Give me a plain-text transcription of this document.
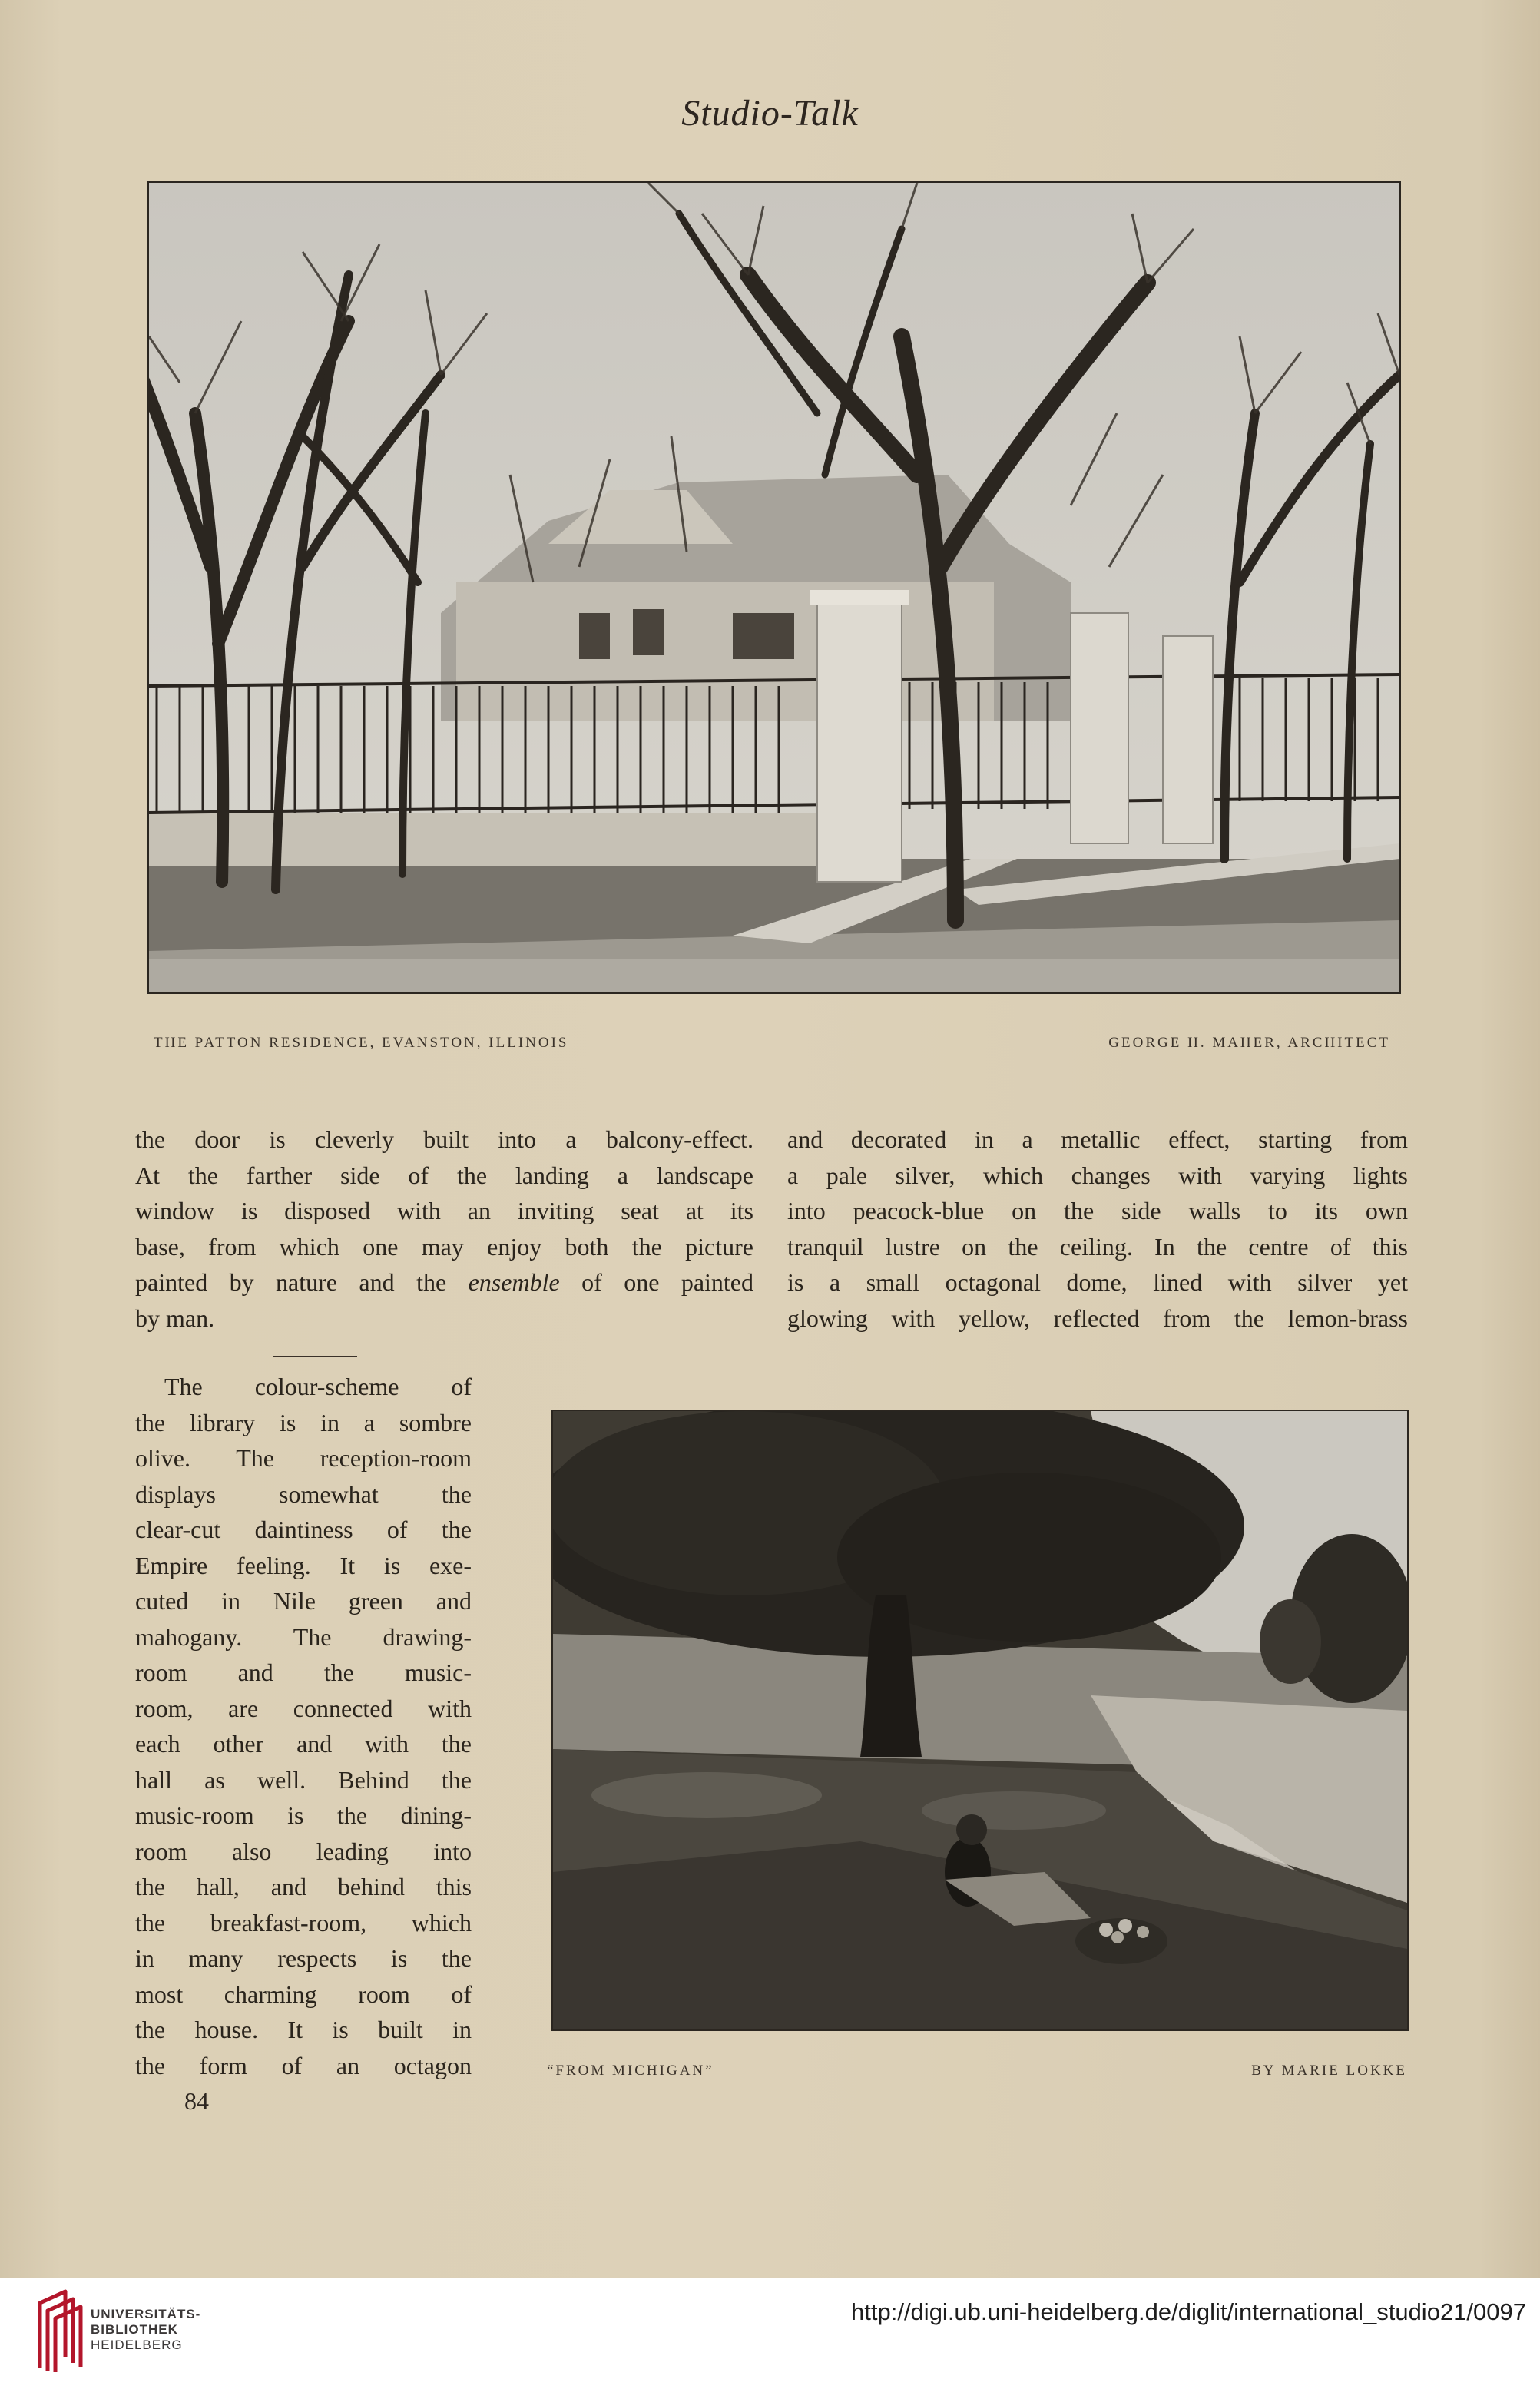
Studio-Talk
THE PATTON RESIDENCE, EVANSTON, ILLINOIS	GEORGE H. MAHER, ARCHITECT
the door is cleverly built into a balcony-effect.
At the farther side of the landing a landscape
window is disposed with an inviting seat at its
base, from which one may enjoy both the picture
painted by nature and the ensemble of one painted
by man.
and decorated in a metallic effect, starting from
a pale silver, which changes with varying lights
into peacock-blue on the side walls to its own
tranquil lustre on the ceiling. In the centre of this
is a small octagonal dome, lined with silver yet
glowing with yellow, reflected from the lemon-brass
The colour-scheme of
the library is in a sombre
olive. The reception-room
displays somewhat the
clear-cut daintiness of the
Empire feeling. It is exe-
cuted in Nile green and
mahogany. The drawing-
room and the music-
room, are connected with
each other and with the
hall as well. Behind the
music-room is the dining-
room also leading into
the hall, and behind this
the breakfast-room, which
in many respects is the
most charming room of
the house. It is built in
the form of an octagon	“FROM MICHIGAN”	BY MARIE LOKKE
84
UNIVERSITÄTS-
BIBLIOTHEK
HEIDELBERG
http://digi.ub.uni-heidelberg.de/diglit/international_studio21/0097
